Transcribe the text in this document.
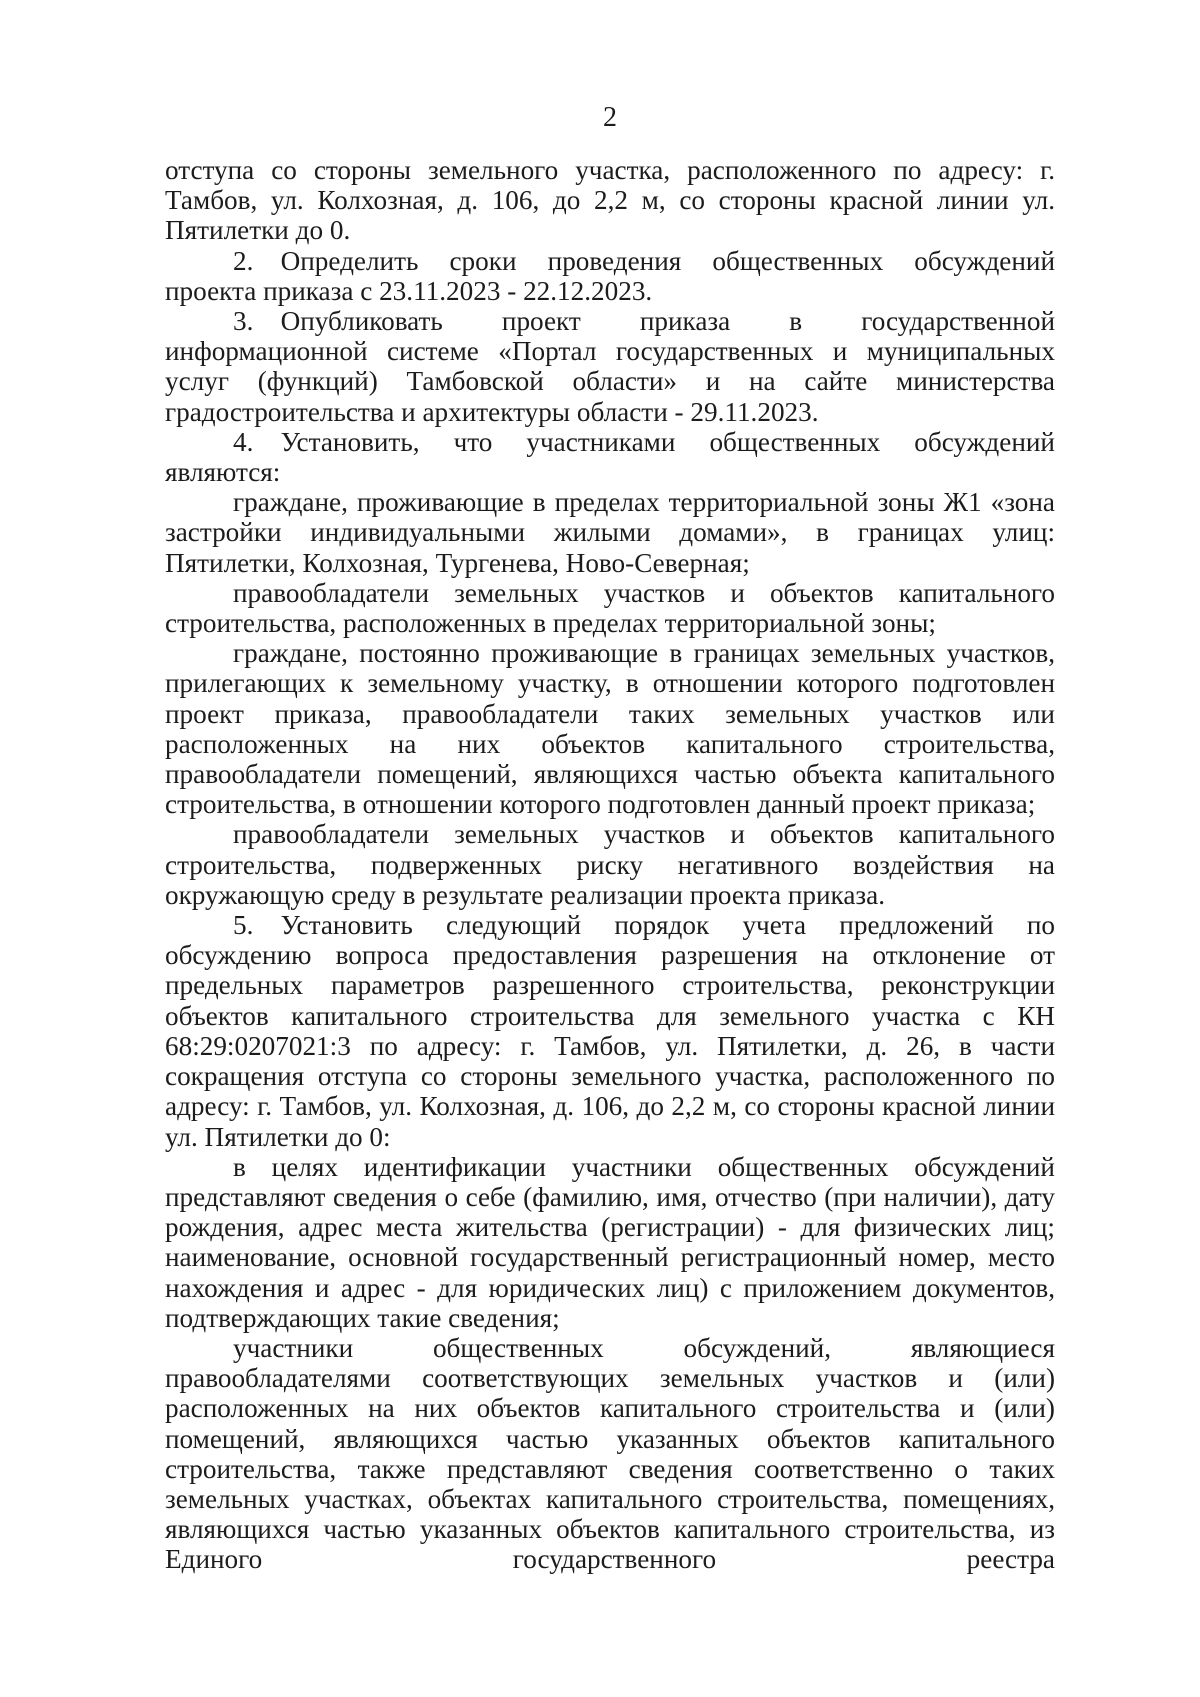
2

отступа со стороны земельного участка, расположенного по адресу: г. Тамбов, ул. Колхозная, д. 106, до 2,2 м, со стороны красной линии ул. Пятилетки до 0.

2. Определить сроки проведения общественных обсуждений проекта приказа с 23.11.2023 - 22.12.2023.

3. Опубликовать проект приказа в государственной информационной системе «Портал государственных и муниципальных услуг (функций) Тамбовской области» и на сайте министерства градостроительства и архитектуры области - 29.11.2023.

4. Установить, что участниками общественных обсуждений являются:

граждане, проживающие в пределах территориальной зоны Ж1 «зона застройки индивидуальными жилыми домами», в границах улиц: Пятилетки, Колхозная, Тургенева, Ново-Северная;

правообладатели земельных участков и объектов капитального строительства, расположенных в пределах территориальной зоны;

граждане, постоянно проживающие в границах земельных участков, прилегающих к земельному участку, в отношении которого подготовлен проект приказа, правообладатели таких земельных участков или расположенных на них объектов капитального строительства, правообладатели помещений, являющихся частью объекта капитального строительства, в отношении которого подготовлен данный проект приказа;

правообладатели земельных участков и объектов капитального строительства, подверженных риску негативного воздействия на окружающую среду в результате реализации проекта приказа.

5. Установить следующий порядок учета предложений по обсуждению вопроса предоставления разрешения на отклонение от предельных параметров разрешенного строительства, реконструкции объектов капитального строительства для земельного участка с КН 68:29:0207021:3 по адресу: г. Тамбов, ул. Пятилетки, д. 26, в части сокращения отступа со стороны земельного участка, расположенного по адресу: г. Тамбов, ул. Колхозная, д. 106, до 2,2 м, со стороны красной линии ул. Пятилетки до 0:

в целях идентификации участники общественных обсуждений представляют сведения о себе (фамилию, имя, отчество (при наличии), дату рождения, адрес места жительства (регистрации) - для физических лиц; наименование, основной государственный регистрационный номер, место нахождения и адрес - для юридических лиц) с приложением документов, подтверждающих такие сведения;

участники общественных обсуждений, являющиеся правообладателями соответствующих земельных участков и (или) расположенных на них объектов капитального строительства и (или) помещений, являющихся частью указанных объектов капитального строительства, также представляют сведения соответственно о таких земельных участках, объектах капитального строительства, помещениях, являющихся частью указанных объектов капитального строительства, из Единого государственного реестра
